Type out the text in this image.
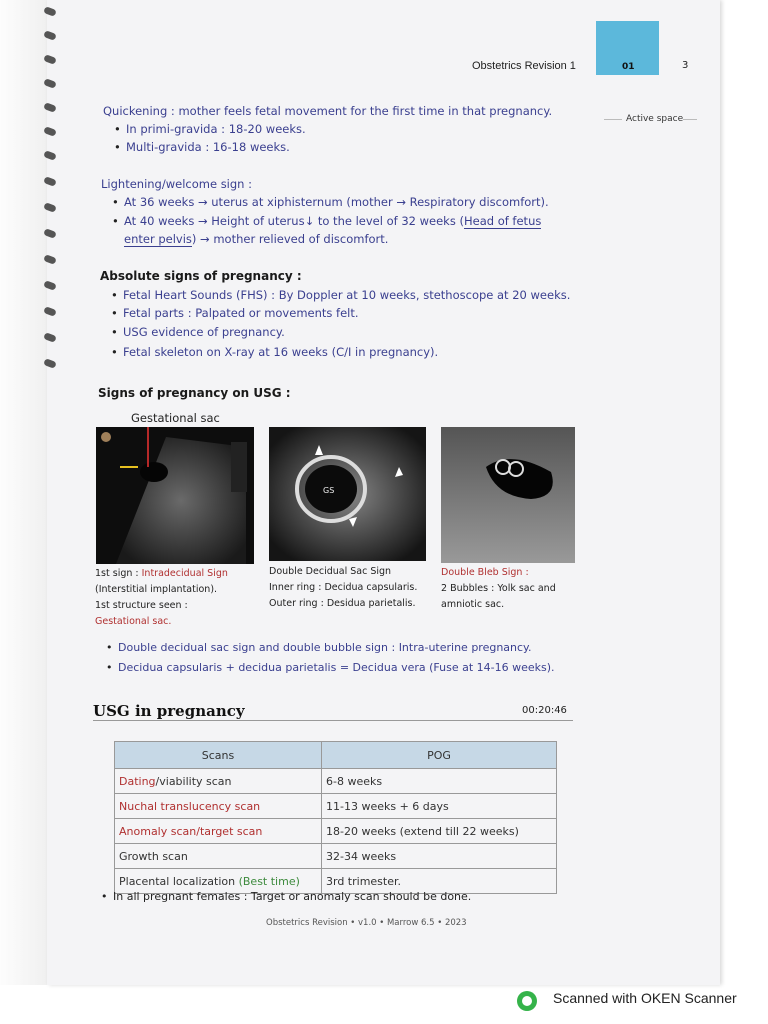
Obstetrics Revision 1	01	3
Active space
Quickening : mother feels fetal movement for the first time in that pregnancy.
• In primi-gravida : 18-20 weeks.
• Multi-gravida : 16-18 weeks.
Lightening/welcome sign :
• At 36 weeks → uterus at xiphisternum (mother → Respiratory discomfort).
• At 40 weeks → Height of uterus↓ to the level of 32 weeks (Head of fetus
enter pelvis) → mother relieved of discomfort.
Absolute signs of pregnancy :
• Fetal Heart Sounds (FHS) : By Doppler at 10 weeks, stethoscope at 20 weeks.
• Fetal parts : Palpated or movements felt.
• USG evidence of pregnancy.
• Fetal skeleton on X-ray at 16 weeks (C/I in pregnancy).
Signs of pregnancy on USG :
Gestational sac
GS
1st sign : Intradecidual Sign
(Interstitial implantation).
1st structure seen :
Gestational sac.
Double Decidual Sac Sign
Inner ring : Decidua capsularis.
Outer ring : Desidua parietalis.
Double Bleb Sign :
2 Bubbles : Yolk sac and
amniotic sac.
• Double decidual sac sign and double bubble sign : Intra-uterine pregnancy.
• Decidua capsularis + decidua parietalis = Decidua vera (Fuse at 14-16 weeks).
USG in pregnancy	00:20:46
Scans	POG
Dating/viability scan	6-8 weeks
Nuchal translucency scan	11-13 weeks + 6 days
Anomaly scan/target scan	18-20 weeks (extend till 22 weeks)
Growth scan	32-34 weeks
Placental localization (Best time)	3rd trimester.
• In all pregnant females : Target or anomaly scan should be done.
Obstetrics Revision • v1.0 • Marrow 6.5 • 2023
Scanned with OKEN Scanner
